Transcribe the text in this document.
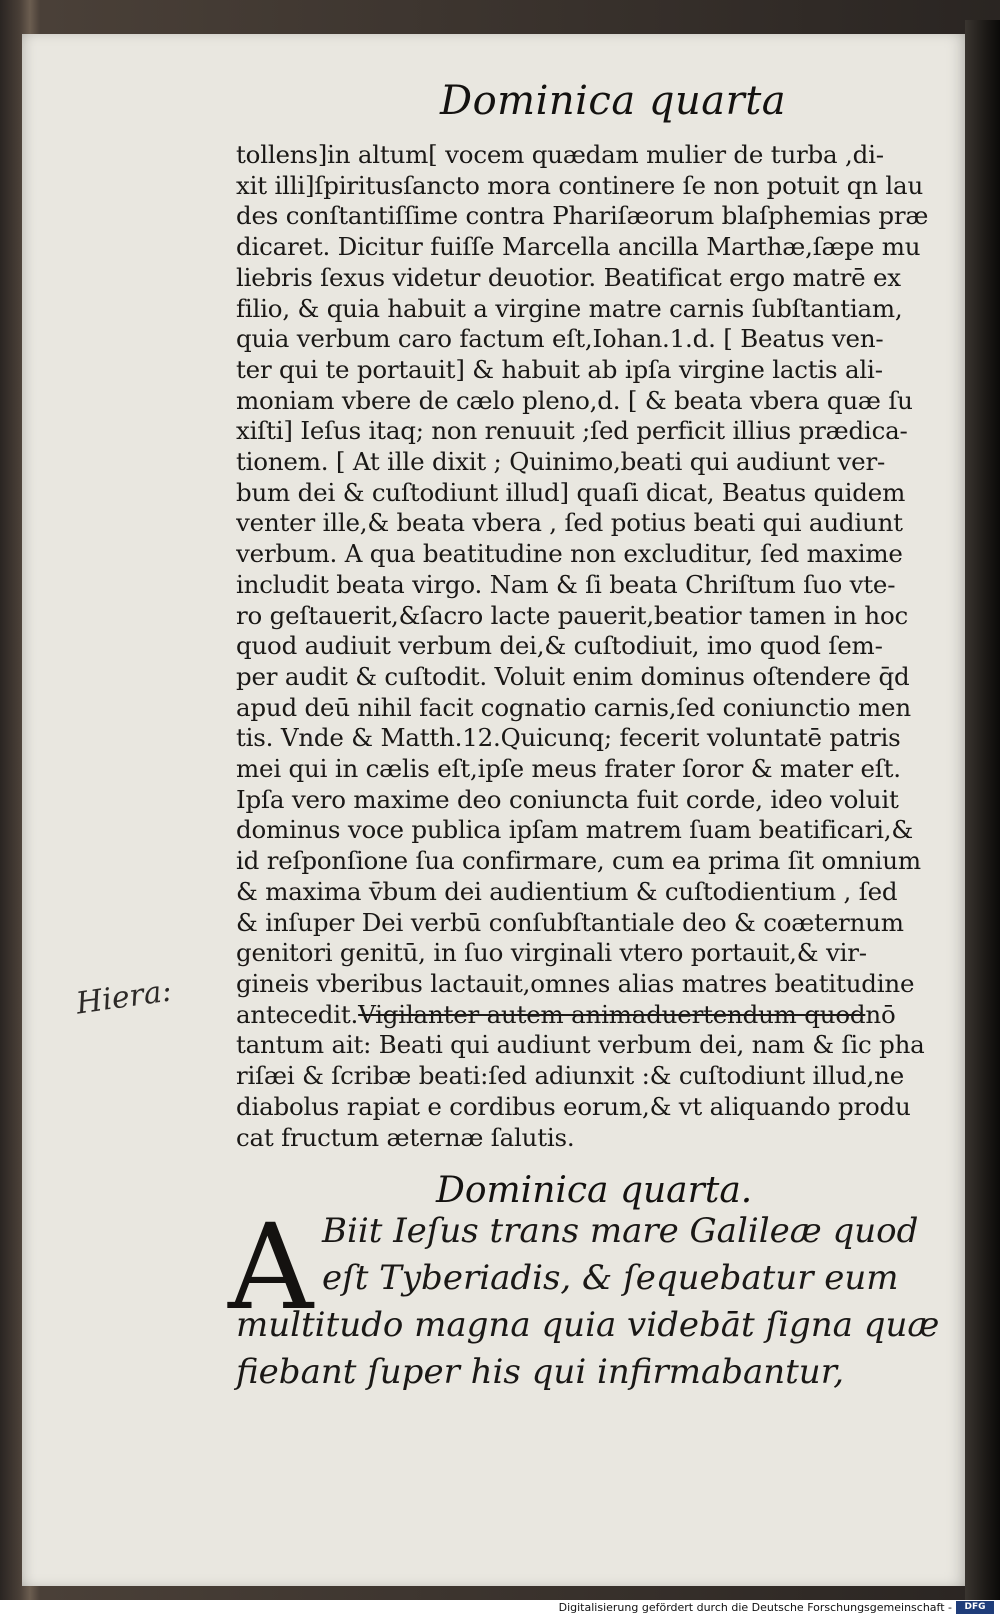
Dominica quarta
tollens]in altum[ vocem quædam mulier de turba ,di-
xit illi]ſpiritusſancto mora continere ſe non potuit qn lau
des conſtantiſſime contra Phariſæorum blaſphemias præ
dicaret. Dicitur fuiſſe Marcella ancilla Marthæ,ſæpe mu
liebris ſexus videtur deuotior. Beatificat ergo matrē ex
filio, & quia habuit a virgine matre carnis ſubſtantiam,
quia verbum caro factum eſt,Iohan.1.d. [ Beatus ven-
ter qui te portauit] & habuit ab ipſa virgine lactis ali-
moniam vbere de cælo pleno,d. [ & beata vbera quæ ſu
xiſti] Ieſus itaq; non renuuit ;ſed perficit illius prædica-
tionem. [ At ille dixit ; Quinimo,beati qui audiunt ver-
bum dei & cuſtodiunt illud] quaſi dicat, Beatus quidem
venter ille,& beata vbera , ſed potius beati qui audiunt
verbum. A qua beatitudine non excluditur, ſed maxime
includit beata virgo. Nam & ſi beata Chriſtum ſuo vte-
ro geſtauerit,&ſacro lacte pauerit,beatior tamen in hoc
quod audiuit verbum dei,& cuſtodiuit, imo quod ſem-
per audit & cuſtodit. Voluit enim dominus oſtendere q̄d
apud deū nihil facit cognatio carnis,ſed coniunctio men
tis. Vnde & Matth.12.Quicunq; fecerit voluntatē patris
mei qui in cælis eſt,ipſe meus frater ſoror & mater eſt.
Ipſa vero maxime deo coniuncta fuit corde, ideo voluit
dominus voce publica ipſam matrem ſuam beatificari,&
id reſponſione ſua confirmare, cum ea prima ſit omnium
& maxima v̄bum dei audientium & cuſtodientium , ſed
& inſuper Dei verbū conſubſtantiale deo & coæternum
genitori genitū, in ſuo virginali vtero portauit,& vir-
gineis vberibus lactauit,omnes alias matres beatitudine
antecedit.Vigilanter autem animaduertendum quodnō
tantum ait: Beati qui audiunt verbum dei, nam & ſic pha
riſæi & ſcribæ beati:ſed adiunxit :& cuſtodiunt illud,ne
diabolus rapiat e cordibus eorum,& vt aliquando produ
cat fructum æternæ ſalutis.
Hiera:
Dominica quarta.
Biit Ieſus trans mare Galileæ quod
eſt Tyberiadis, & ſequebatur eum
multitudo magna quia videbāt ſigna quæ
fiebant ſuper his qui infirmabantur,
A
Digitalisierung gefördert durch die Deutsche Forschungsgemeinschaft -	DFG
